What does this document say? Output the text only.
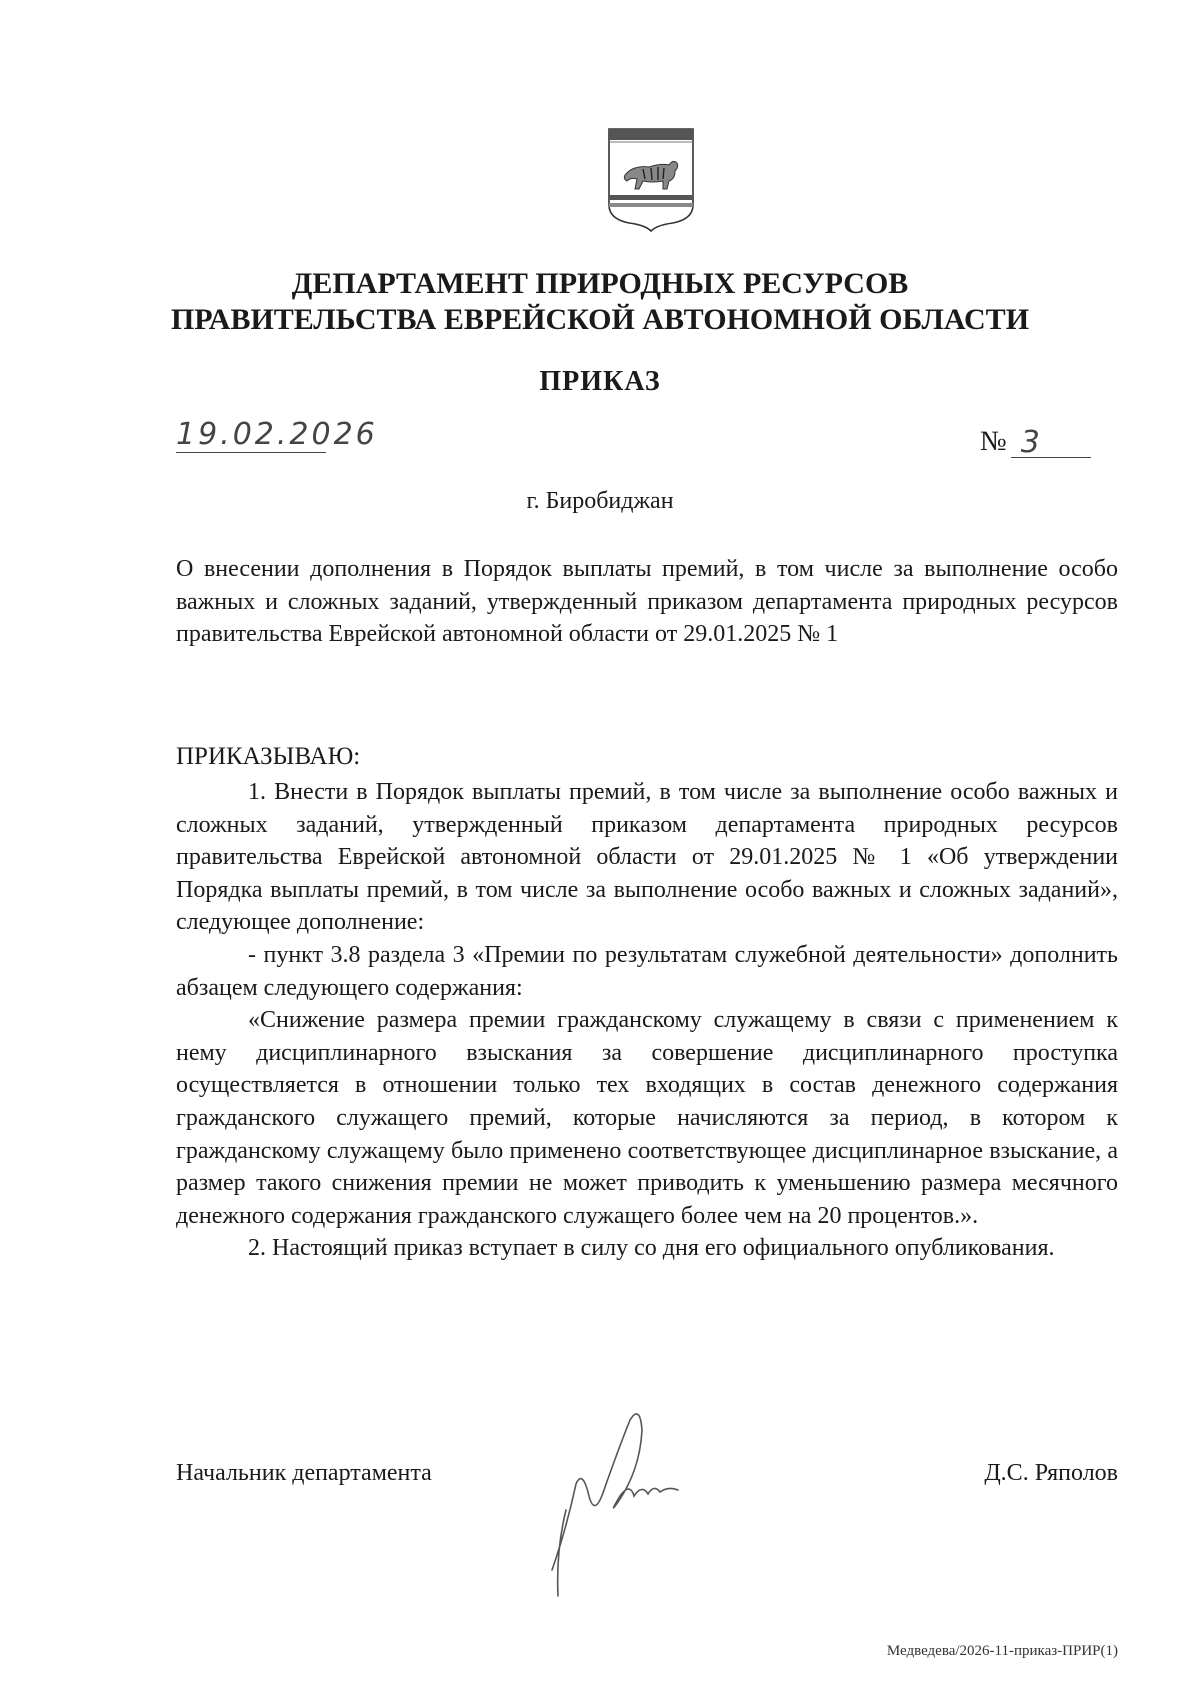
ДЕПАРТАМЕНТ ПРИРОДНЫХ РЕСУРСОВ
ПРАВИТЕЛЬСТВА ЕВРЕЙСКОЙ АВТОНОМНОЙ ОБЛАСТИ
ПРИКАЗ
19.02.2026	№ 3
г. Биробиджан
О внесении дополнения в Порядок выплаты премий, в том числе за выполнение особо важных и сложных заданий, утвержденный приказом департамента природных ресурсов правительства Еврейской автономной области от 29.01.2025 № 1
ПРИКАЗЫВАЮ:

1. Внести в Порядок выплаты премий, в том числе за выполнение особо важных и сложных заданий, утвержденный приказом департамента природных ресурсов правительства Еврейской автономной области от 29.01.2025 № 1 «Об утверждении Порядка выплаты премий, в том числе за выполнение особо важных и сложных заданий», следующее дополнение:

- пункт 3.8 раздела 3 «Премии по результатам служебной деятельности» дополнить абзацем следующего содержания:

«Снижение размера премии гражданскому служащему в связи с применением к нему дисциплинарного взыскания за совершение дисциплинарного проступка осуществляется в отношении только тех входящих в состав денежного содержания гражданского служащего премий, которые начисляются за период, в котором к гражданскому служащему было применено соответствующее дисциплинарное взыскание, а размер такого снижения премии не может приводить к уменьшению размера месячного денежного содержания гражданского служащего более чем на 20 процентов.».

2. Настоящий приказ вступает в силу со дня его официального опубликования.

Начальник департамента	Д.С. Ряполов
Медведева/2026-11-приказ-ПРИР(1)
